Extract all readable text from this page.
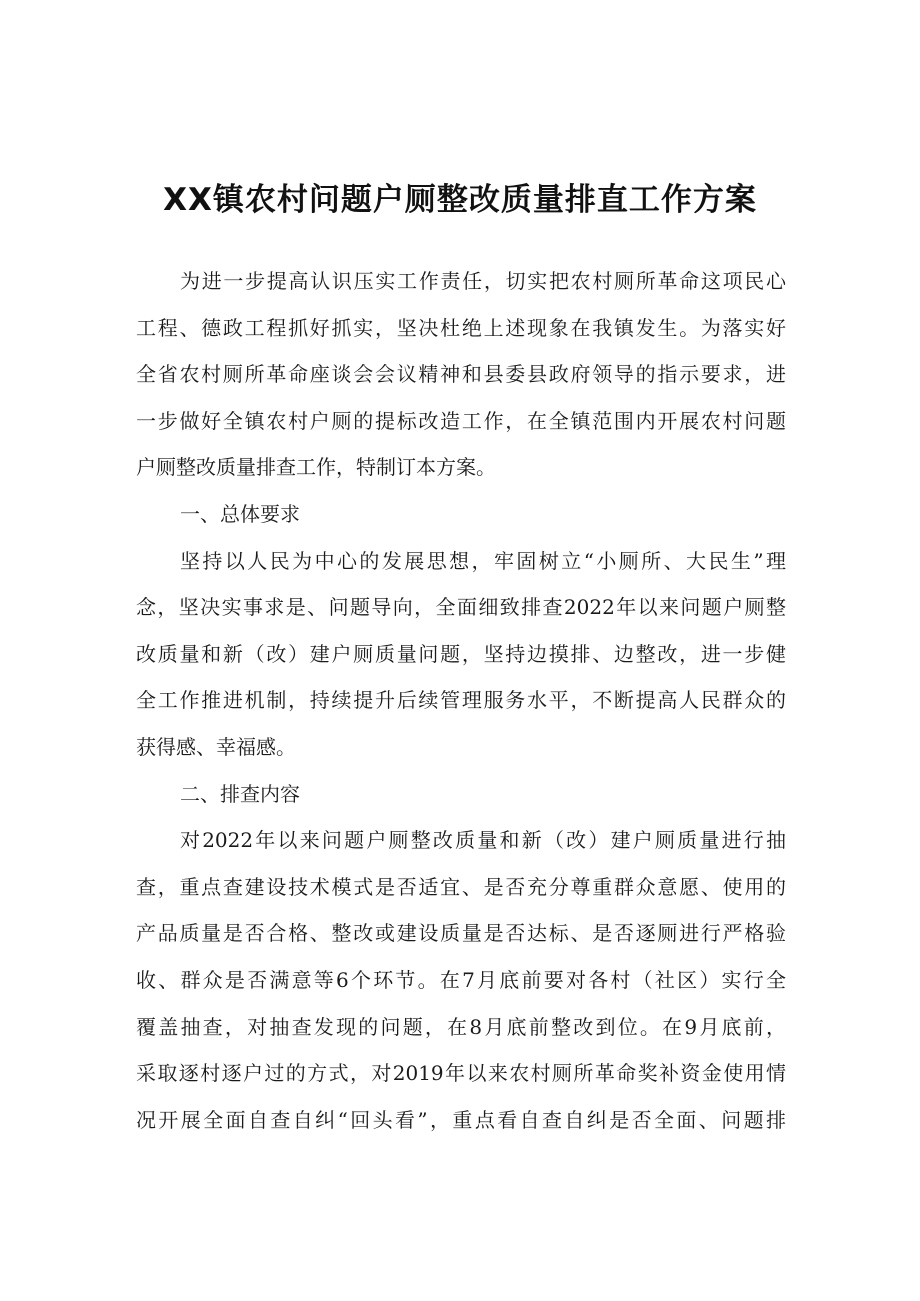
XX镇农村问题户厕整改质量排直工作方案
为进一步提高认识压实工作责任，切实把农村厕所革命这项民心
工程、德政工程抓好抓实，坚决杜绝上述现象在我镇发生。为落实好
全省农村厕所革命座谈会会议精神和县委县政府领导的指示要求，进
一步做好全镇农村户厕的提标改造工作，在全镇范围内开展农村问题
户厕整改质量排查工作，特制订本方案。
一、总体要求
坚持以人民为中心的发展思想，牢固树立“小厕所、大民生”理
念，坚决实事求是、问题导向，全面细致排查2022年以来问题户厕整
改质量和新（改）建户厕质量问题，坚持边摸排、边整改，进一步健
全工作推进机制，持续提升后续管理服务水平，不断提高人民群众的
获得感、幸福感。
二、排查内容
对2022年以来问题户厕整改质量和新（改）建户厕质量进行抽
查，重点查建设技术模式是否适宜、是否充分尊重群众意愿、使用的
产品质量是否合格、整改或建设质量是否达标、是否逐厕进行严格验
收、群众是否满意等6个环节。在7月底前要对各村（社区）实行全
覆盖抽查，对抽查发现的问题，在8月底前整改到位。在9月底前，
采取逐村逐户过的方式，对2019年以来农村厕所革命奖补资金使用情
况开展全面自查自纠“回头看”，重点看自查自纠是否全面、问题排
